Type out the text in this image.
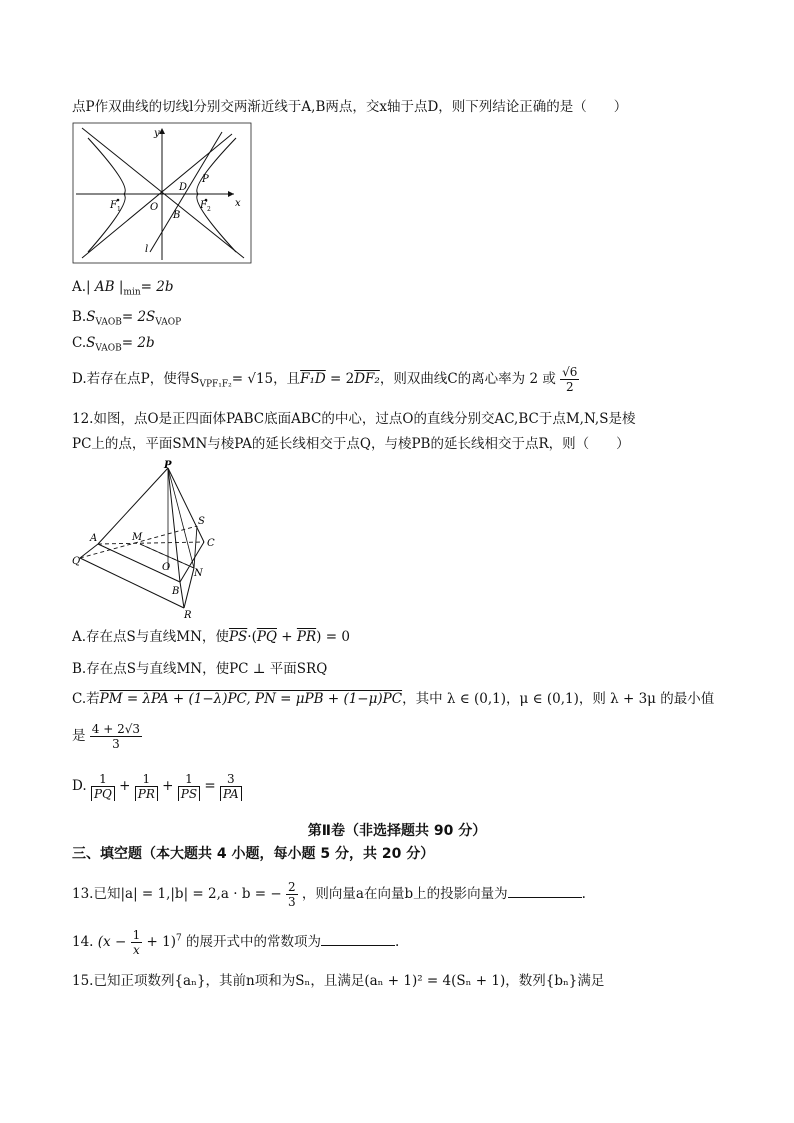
点P作双曲线的切线l分别交两渐近线于A,B两点，交x轴于点D，则下列结论正确的是（　　）
y
x
F 1	F 2
O
D
P
B
l
A.| AB $|_{min}= 2b$
$B.S_{VAOB}= 2S_{VAOP}$
$C.S_{VAOB}= 2b$
D.若存在点P，使得$S_{VPF_1F_2}= √15$，且F₁D = 2DF₂，则双曲线C的离心率为 2 或 $\frac{√6}{2}$
12.如图，点O是正四面体PABC底面ABC的中心，过点O的直线分别交AC,BC于点M,N,S是棱
PC上的点，平面SMN与棱PA的延长线相交于点Q，与棱PB的延长线相交于点R，则（　　）
P
S
A	M
C
Q
O
N
B
R
A.存在点S与直线MN，使$\overline{PS}\cdot(\overline{PQ} + \overline{PR}) = 0$
B.存在点S与直线MN，使PC ⊥ 平面SRQ
C.若PM = λPA + (1−λ)PC, PN = μPB + (1−μ)PC，其中 λ ∈ (0,1)，μ ∈ (0,1)，则 λ + 3μ 的最小值
是 $\frac{4 + 2√3}{3}$
D. $\frac{1}{PQ} + \frac{1}{PR} + \frac{1}{PS} = \frac{3}{PA}$
第Ⅱ卷（非选择题共 90 分）
三、填空题（本大题共 4 小题，每小题 5 分，共 20 分）
13.已知|a| = 1,|b| = 2,a · b = − $\frac{2}{3}$ ，则向量a在向量b上的投影向量为	.
14. $(x - \frac{1}{x} + 1)^7$ 的展开式中的常数项为	.
15.已知正项数列{aₙ}，其前n项和为Sₙ，且满足(aₙ + 1)² = 4(Sₙ + 1)，数列{bₙ}满足
